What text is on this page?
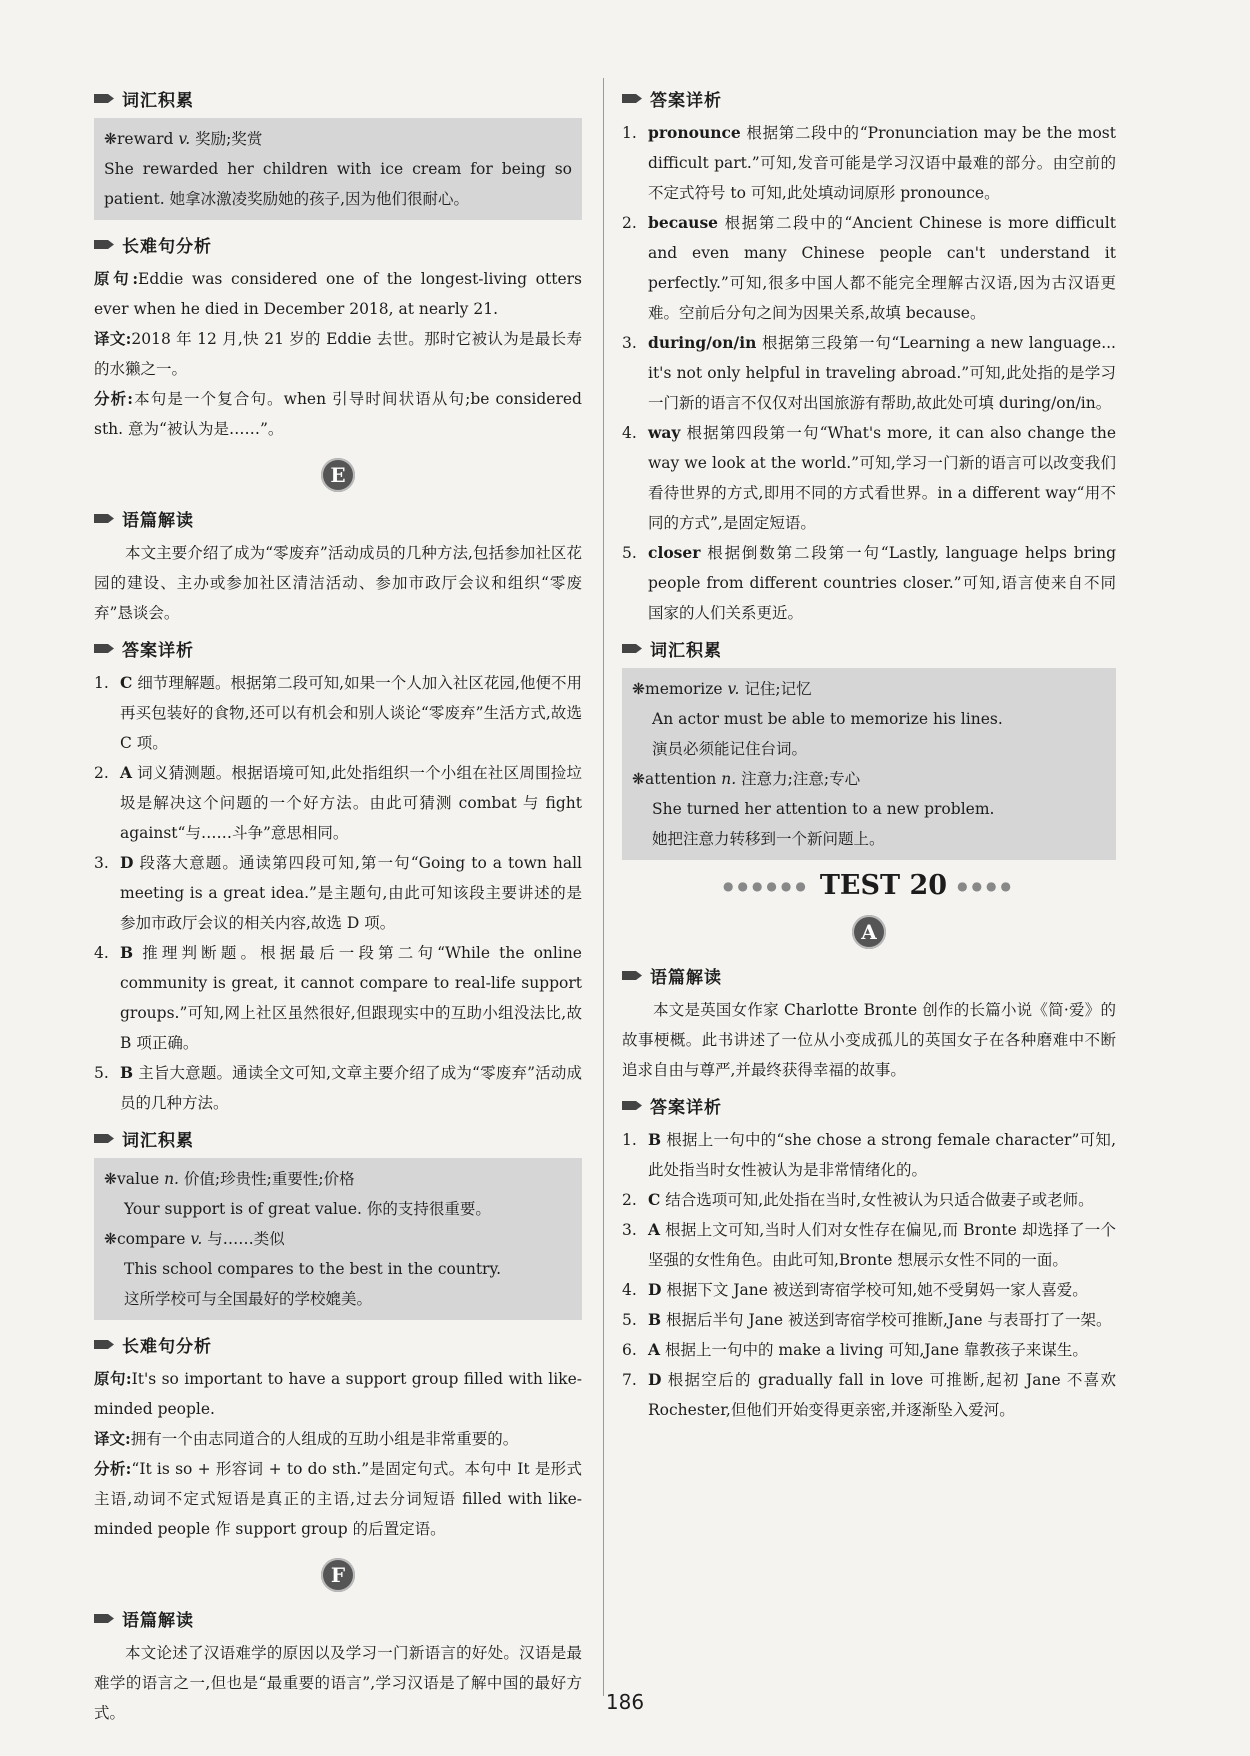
词汇积累

❋reward v. 奖励;奖赏

She rewarded her children with ice cream for being so patient. 她拿冰激凌奖励她的孩子,因为他们很耐心。

长难句分析

原句:Eddie was considered one of the longest-living otters ever when he died in December 2018, at nearly 21.

译文:2018 年 12 月,快 21 岁的 Eddie 去世。那时它被认为是最长寿的水獭之一。

分析:本句是一个复合句。when 引导时间状语从句;be considered sth. 意为“被认为是……”。

E
语篇解读

本文主要介绍了成为“零废弃”活动成员的几种方法,包括参加社区花园的建设、主办或参加社区清洁活动、参加市政厅会议和组织“零废弃”恳谈会。

答案详析
1. C 细节理解题。根据第二段可知,如果一个人加入社区花园,他便不用再买包装好的食物,还可以有机会和别人谈论“零废弃”生活方式,故选 C 项。
2. A 词义猜测题。根据语境可知,此处指组织一个小组在社区周围捡垃圾是解决这个问题的一个好方法。由此可猜测 combat 与 fight against“与……斗争”意思相同。
3. D 段落大意题。通读第四段可知,第一句“Going to a town hall meeting is a great idea.”是主题句,由此可知该段主要讲述的是参加市政厅会议的相关内容,故选 D 项。
4. B 推理判断题。根据最后一段第二句“While the online community is great, it cannot compare to real-life support groups.”可知,网上社区虽然很好,但跟现实中的互助小组没法比,故 B 项正确。
5. B 主旨大意题。通读全文可知,文章主要介绍了成为“零废弃”活动成员的几种方法。
词汇积累

❋value n. 价值;珍贵性;重要性;价格

Your support is of great value. 你的支持很重要。

❋compare v. 与……类似

This school compares to the best in the country.

这所学校可与全国最好的学校媲美。

长难句分析

原句:It's so important to have a support group filled with like-minded people.

译文:拥有一个由志同道合的人组成的互助小组是非常重要的。

分析:“It is so + 形容词 + to do sth.”是固定句式。本句中 It 是形式主语,动词不定式短语是真正的主语,过去分词短语 filled with like-minded people 作 support group 的后置定语。

F
语篇解读

本文论述了汉语难学的原因以及学习一门新语言的好处。汉语是最难学的语言之一,但也是“最重要的语言”,学习汉语是了解中国的最好方式。

答案详析
1. pronounce 根据第二段中的“Pronunciation may be the most difficult part.”可知,发音可能是学习汉语中最难的部分。由空前的不定式符号 to 可知,此处填动词原形 pronounce。
2. because 根据第二段中的“Ancient Chinese is more difficult and even many Chinese people can't understand it perfectly.”可知,很多中国人都不能完全理解古汉语,因为古汉语更难。空前后分句之间为因果关系,故填 because。
3. during/on/in 根据第三段第一句“Learning a new language... it's not only helpful in traveling abroad.”可知,此处指的是学习一门新的语言不仅仅对出国旅游有帮助,故此处可填 during/on/in。
4. way 根据第四段第一句“What's more, it can also change the way we look at the world.”可知,学习一门新的语言可以改变我们看待世界的方式,即用不同的方式看世界。in a different way“用不同的方式”,是固定短语。
5. closer 根据倒数第二段第一句“Lastly, language helps bring people from different countries closer.”可知,语言使来自不同国家的人们关系更近。
词汇积累

❋memorize v. 记住;记忆

An actor must be able to memorize his lines.

演员必须能记住台词。

❋attention n. 注意力;注意;专心

She turned her attention to a new problem.

她把注意力转移到一个新问题上。

●●●●●● TEST 20 ●●●●
A
语篇解读

本文是英国女作家 Charlotte Bronte 创作的长篇小说《简·爱》的故事梗概。此书讲述了一位从小变成孤儿的英国女子在各种磨难中不断追求自由与尊严,并最终获得幸福的故事。

答案详析
1. B 根据上一句中的“she chose a strong female character”可知,此处指当时女性被认为是非常情绪化的。
2. C 结合选项可知,此处指在当时,女性被认为只适合做妻子或老师。
3. A 根据上文可知,当时人们对女性存在偏见,而 Bronte 却选择了一个坚强的女性角色。由此可知,Bronte 想展示女性不同的一面。
4. D 根据下文 Jane 被送到寄宿学校可知,她不受舅妈一家人喜爱。
5. B 根据后半句 Jane 被送到寄宿学校可推断,Jane 与表哥打了一架。
6. A 根据上一句中的 make a living 可知,Jane 靠教孩子来谋生。
7. D 根据空后的 gradually fall in love 可推断,起初 Jane 不喜欢 Rochester,但他们开始变得更亲密,并逐渐坠入爱河。
186
